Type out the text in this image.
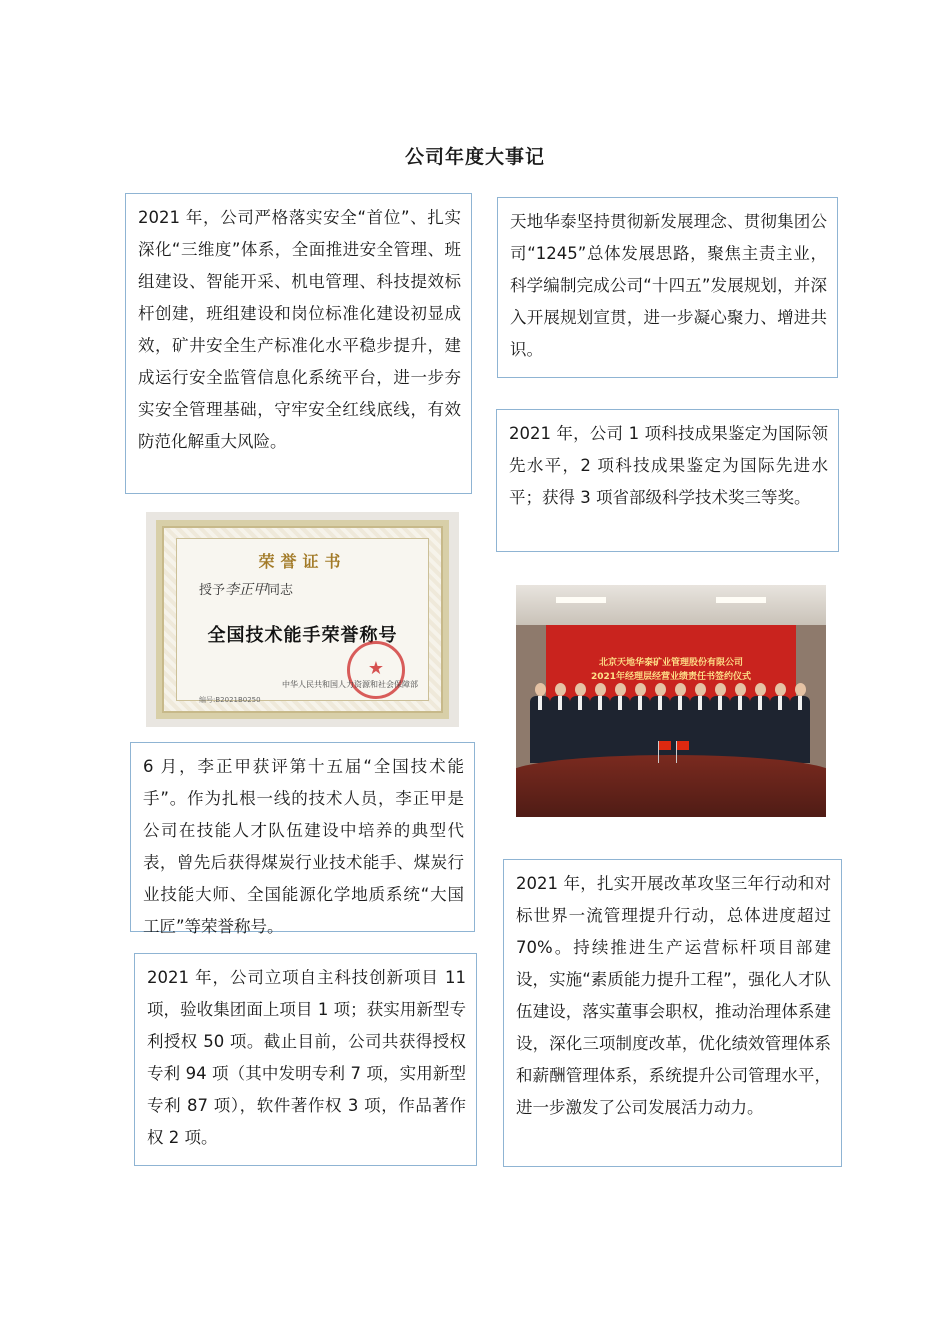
公司年度大事记

2021 年，公司严格落实安全“首位”、扎实深化“三维度”体系，全面推进安全管理、班组建设、智能开采、机电管理、科技提效标杆创建，班组建设和岗位标准化建设初显成效，矿井安全生产标准化水平稳步提升，建成运行安全监管信息化系统平台，进一步夯实安全管理基础，守牢安全红线底线，有效防范化解重大风险。

天地华泰坚持贯彻新发展理念、贯彻集团公司“1245”总体发展思路，聚焦主责主业，科学编制完成公司“十四五”发展规划，并深入开展规划宣贯，进一步凝心聚力、增进共识。

2021 年，公司 1 项科技成果鉴定为国际领先水平，2 项科技成果鉴定为国际先进水平；获得 3 项省部级科学技术奖三等奖。

荣誉证书
授予李正甲同志
全国技术能手荣誉称号
★
中华人民共和国人力资源和社会保障部
编号:B2021B0250
北京天地华泰矿业管理股份有限公司
2021年经理层经营业绩责任书签约仪式

6 月，李正甲获评第十五届“全国技术能手”。作为扎根一线的技术人员，李正甲是公司在技能人才队伍建设中培养的典型代表，曾先后获得煤炭行业技术能手、煤炭行业技能大师、全国能源化学地质系统“大国工匠”等荣誉称号。

2021 年，扎实开展改革攻坚三年行动和对标世界一流管理提升行动，总体进度超过 70%。持续推进生产运营标杆项目部建设，实施“素质能力提升工程”，强化人才队伍建设，落实董事会职权，推动治理体系建设，深化三项制度改革，优化绩效管理体系和薪酬管理体系，系统提升公司管理水平，进一步激发了公司发展活力动力。

2021 年，公司立项自主科技创新项目 11 项，验收集团面上项目 1 项；获实用新型专利授权 50 项。截止目前，公司共获得授权专利 94 项（其中发明专利 7 项，实用新型专利 87 项），软件著作权 3 项，作品著作权 2 项。
